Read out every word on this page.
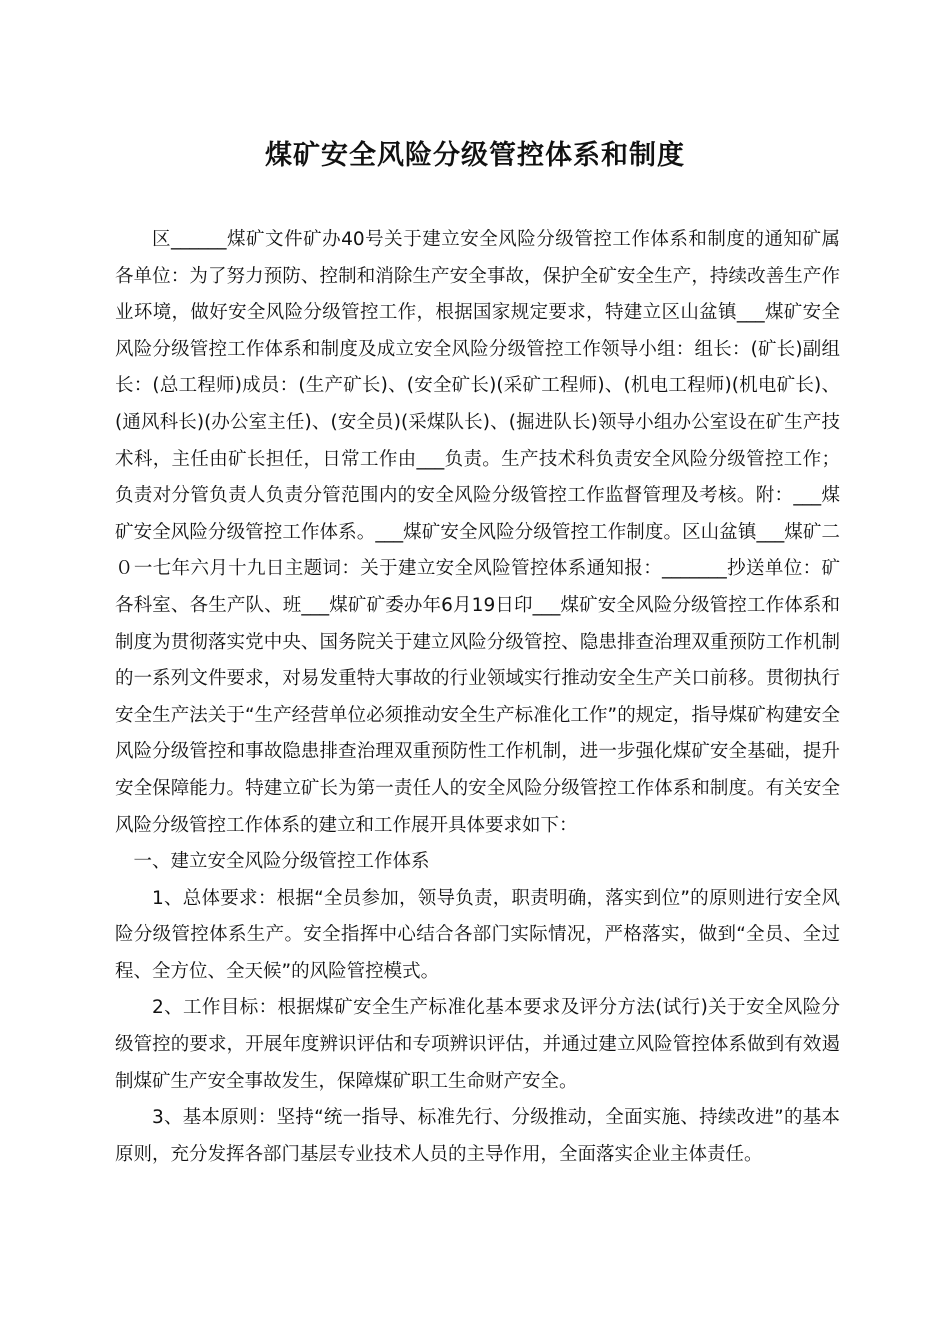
煤矿安全风险分级管控体系和制度

区______煤矿文件矿办40号关于建立安全风险分级管控工作体系和制度的通知矿属各单位：为了努力预防、控制和消除生产安全事故，保护全矿安全生产，持续改善生产作业环境，做好安全风险分级管控工作，根据国家规定要求，特建立区山盆镇___煤矿安全风险分级管控工作体系和制度及成立安全风险分级管控工作领导小组：组长：(矿长)副组长：(总工程师)成员：(生产矿长)、(安全矿长)(采矿工程师)、(机电工程师)(机电矿长)、(通风科长)(办公室主任)、(安全员)(采煤队长)、(掘进队长)领导小组办公室设在矿生产技术科，主任由矿长担任，日常工作由___负责。生产技术科负责安全风险分级管控工作；负责对分管负责人负责分管范围内的安全风险分级管控工作监督管理及考核。附：___煤矿安全风险分级管控工作体系。___煤矿安全风险分级管控工作制度。区山盆镇___煤矿二０一七年六月十九日主题词：关于建立安全风险管控体系通知报：_______抄送单位：矿各科室、各生产队、班___煤矿矿委办年6月19日印___煤矿安全风险分级管控工作体系和制度为贯彻落实党中央、国务院关于建立风险分级管控、隐患排查治理双重预防工作机制的一系列文件要求，对易发重特大事故的行业领域实行推动安全生产关口前移。贯彻执行安全生产法关于“生产经营单位必须推动安全生产标准化工作”的规定，指导煤矿构建安全风险分级管控和事故隐患排查治理双重预防性工作机制，进一步强化煤矿安全基础，提升安全保障能力。特建立矿长为第一责任人的安全风险分级管控工作体系和制度。有关安全风险分级管控工作体系的建立和工作展开具体要求如下：

一、建立安全风险分级管控工作体系

1、总体要求：根据“全员参加，领导负责，职责明确，落实到位”的原则进行安全风险分级管控体系生产。安全指挥中心结合各部门实际情况，严格落实，做到“全员、全过程、全方位、全天候”的风险管控模式。

2、工作目标：根据煤矿安全生产标准化基本要求及评分方法(试行)关于安全风险分级管控的要求，开展年度辨识评估和专项辨识评估，并通过建立风险管控体系做到有效遏制煤矿生产安全事故发生，保障煤矿职工生命财产安全。

3、基本原则：坚持“统一指导、标准先行、分级推动，全面实施、持续改进”的基本原则，充分发挥各部门基层专业技术人员的主导作用，全面落实企业主体责任。
